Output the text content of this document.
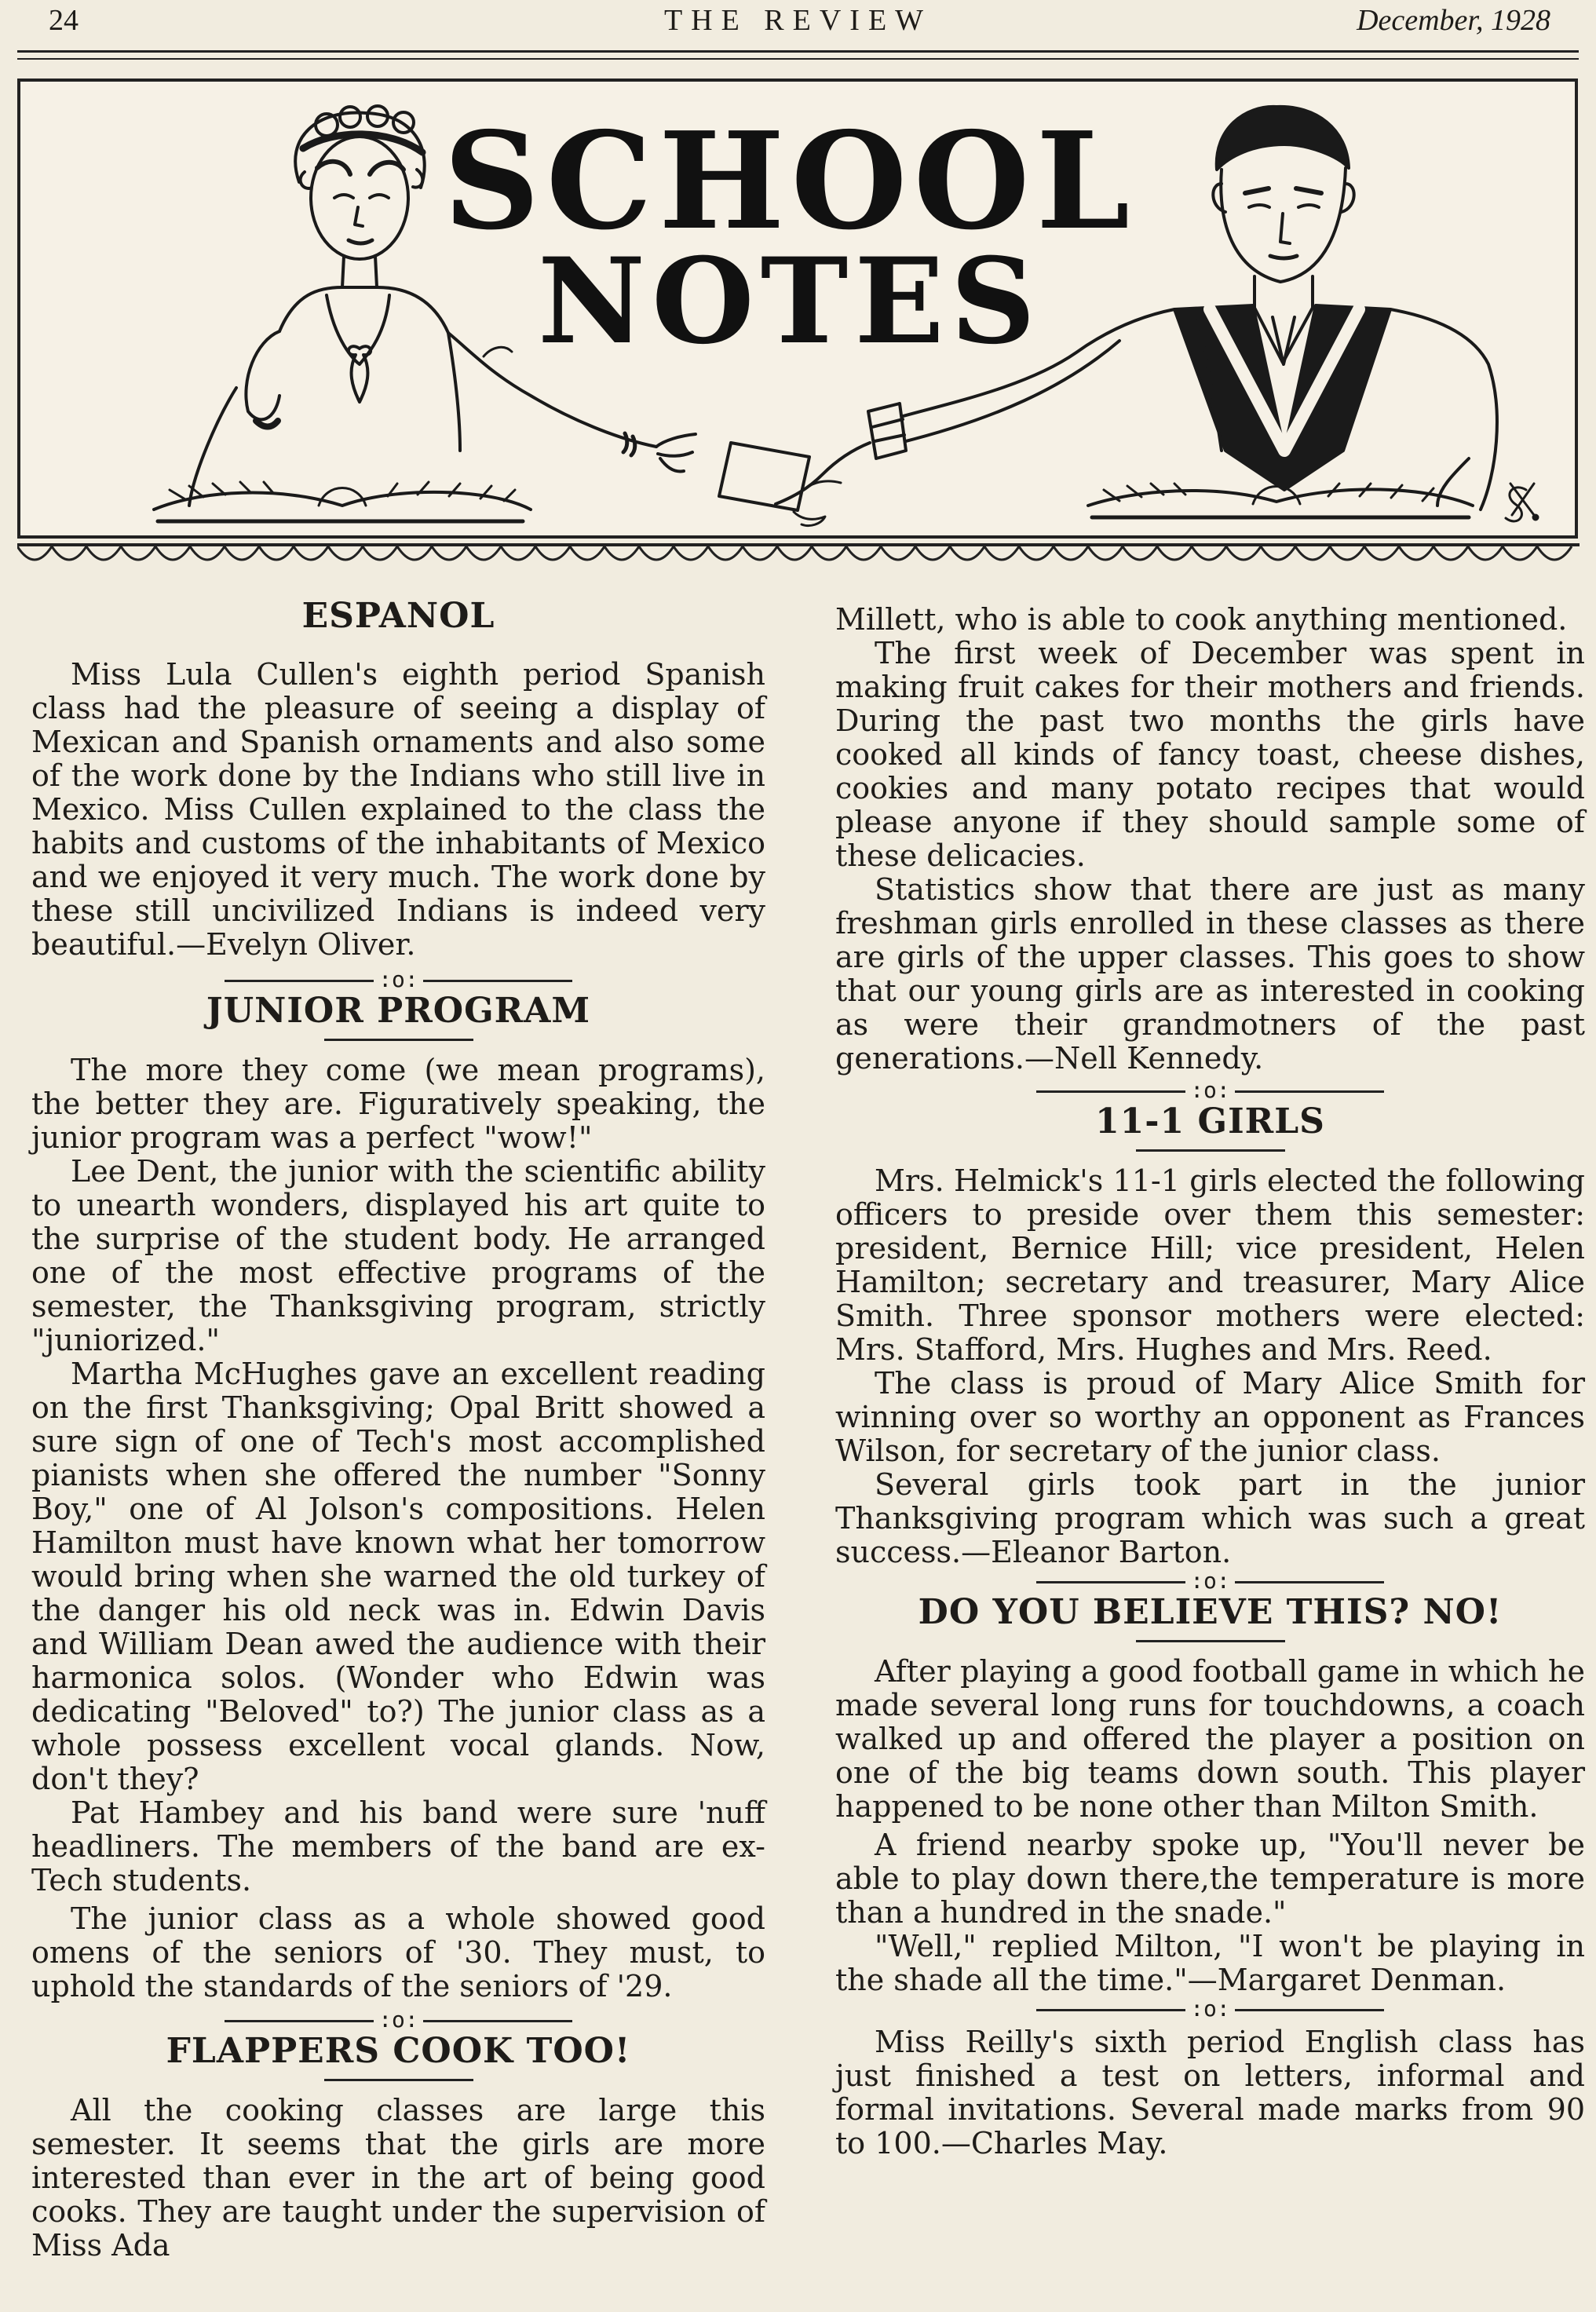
24	THE REVIEW	December, 1928
SCHOOL
NOTES
ESPANOL

Miss Lula Cullen's eighth period Spanish class had the pleasure of seeing a display of Mexican and Spanish ornaments and also some of the work done by the Indians who still live in Mexico. Miss Cullen explained to the class the habits and customs of the inhabitants of Mexico and we enjoyed it very much. The work done by these still uncivilized Indians is indeed very beautiful.—Evelyn Oliver.

:o:
JUNIOR PROGRAM

The more they come (we mean programs), the better they are. Figuratively speaking, the junior program was a perfect "wow!"

Lee Dent, the junior with the scientific ability to unearth wonders, displayed his art quite to the surprise of the student body. He arranged one of the most effective programs of the semester, the Thanksgiving program, strictly "juniorized."

Martha McHughes gave an excellent reading on the first Thanksgiving; Opal Britt showed a sure sign of one of Tech's most accomplished pianists when she offered the number "Sonny Boy," one of Al Jolson's compositions. Helen Hamilton must have known what her tomorrow would bring when she warned the old turkey of the danger his old neck was in. Edwin Davis and William Dean awed the audience with their harmonica solos. (Wonder who Edwin was dedicating "Beloved" to?) The junior class as a whole possess excellent vocal glands. Now, don't they?

Pat Hambey and his band were sure 'nuff headliners. The members of the band are ex-Tech students.

The junior class as a whole showed good omens of the seniors of '30. They must, to uphold the standards of the seniors of '29.

:o:
FLAPPERS COOK TOO!

All the cooking classes are large this semester. It seems that the girls are more interested than ever in the art of being good cooks. They are taught under the supervision of Miss Ada

Millett, who is able to cook anything mentioned.

The first week of December was spent in making fruit cakes for their mothers and friends. During the past two months the girls have cooked all kinds of fancy toast, cheese dishes, cookies and many potato recipes that would please anyone if they should sample some of these delicacies.

Statistics show that there are just as many freshman girls enrolled in these classes as there are girls of the upper classes. This goes to show that our young girls are as interested in cooking as were their grandmotners of the past generations.—Nell Kennedy.

:o:
11-1 GIRLS

Mrs. Helmick's 11-1 girls elected the following officers to preside over them this semester: president, Bernice Hill; vice president, Helen Hamilton; secretary and treasurer, Mary Alice Smith. Three sponsor mothers were elected: Mrs. Stafford, Mrs. Hughes and Mrs. Reed.

The class is proud of Mary Alice Smith for winning over so worthy an opponent as Frances Wilson, for secretary of the junior class.

Several girls took part in the junior Thanksgiving program which was such a great success.—Eleanor Barton.

:o:
DO YOU BELIEVE THIS? NO!

After playing a good football game in which he made several long runs for touchdowns, a coach walked up and offered the player a position on one of the big teams down south. This player happened to be none other than Milton Smith.

A friend nearby spoke up, "You'll never be able to play down there,the temperature is more than a hundred in the snade."

"Well," replied Milton, "I won't be playing in the shade all the time."—Margaret Denman.

:o:

Miss Reilly's sixth period English class has just finished a test on letters, informal and formal invitations. Several made marks from 90 to 100.—Charles May.
